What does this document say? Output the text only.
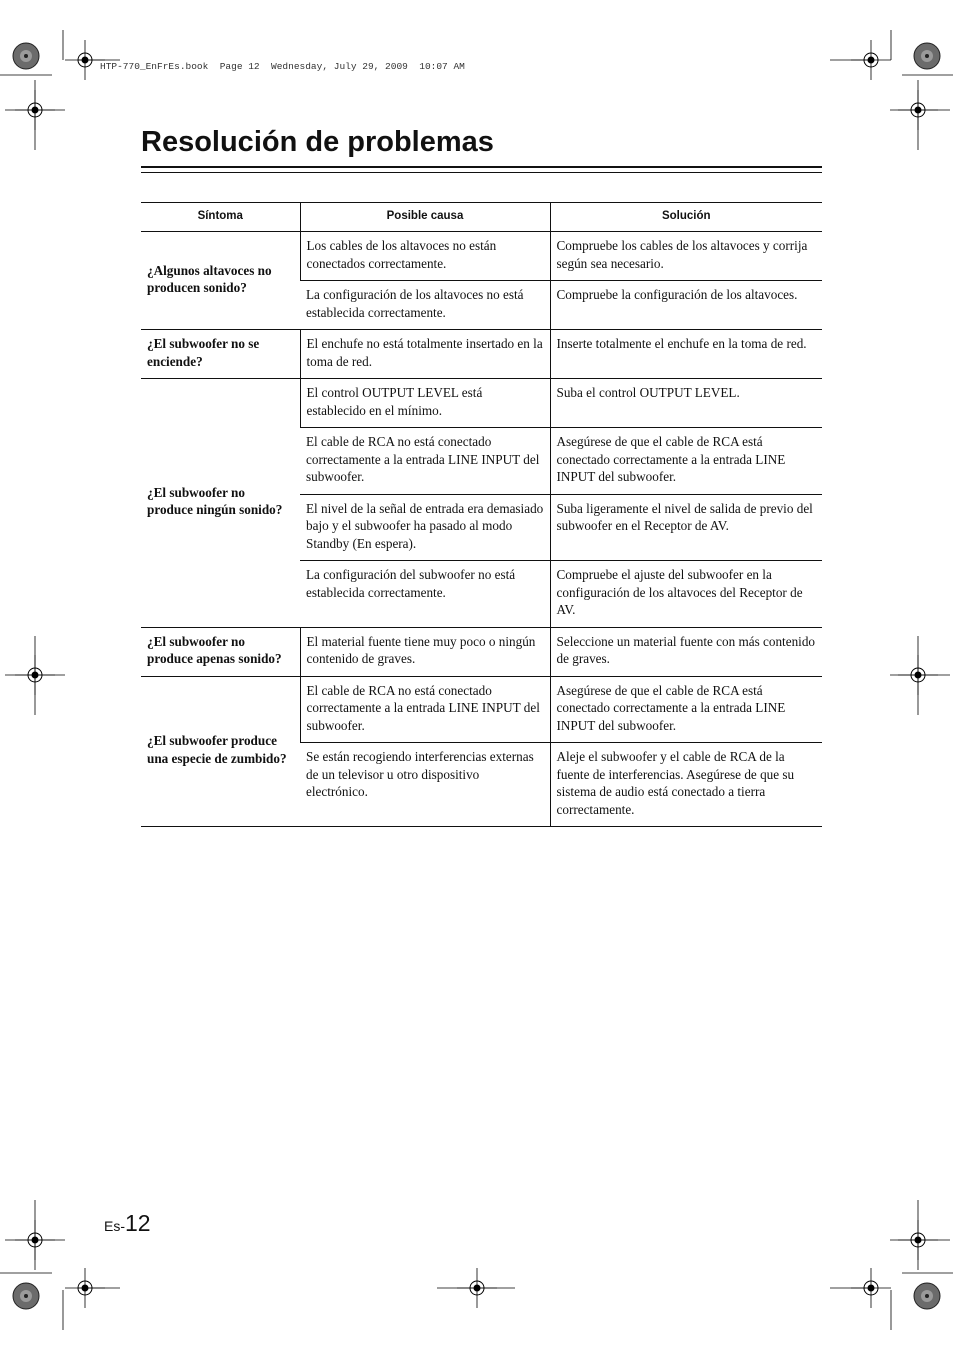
HTP-770_EnFrEs.book  Page 12  Wednesday, July 29, 2009  10:07 AM
Resolución de problemas
Síntoma	Posible causa	Solución
¿Algunos altavoces no producen sonido?	Los cables de los altavoces no están conectados correctamente.	Compruebe los cables de los altavoces y corrija según sea necesario.
	La configuración de los altavoces no está establecida correctamente.	Compruebe la configuración de los altavoces.
¿El subwoofer no se enciende?	El enchufe no está totalmente insertado en la toma de red.	Inserte totalmente el enchufe en la toma de red.
¿El subwoofer no produce ningún sonido?	El control OUTPUT LEVEL está establecido en el mínimo.	Suba el control OUTPUT LEVEL.
	El cable de RCA no está conectado correctamente a la entrada LINE INPUT del subwoofer.	Asegúrese de que el cable de RCA está conectado correctamente a la entrada LINE INPUT del subwoofer.
	El nivel de la señal de entrada era demasiado bajo y el subwoofer ha pasado al modo Standby (En espera).	Suba ligeramente el nivel de salida de previo del subwoofer en el Receptor de AV.
	La configuración del subwoofer no está establecida correctamente.	Compruebe el ajuste del subwoofer en la configuración de los altavoces del Receptor de AV.
¿El subwoofer no produce apenas sonido?	El material fuente tiene muy poco o ningún contenido de graves.	Seleccione un material fuente con más contenido de graves.
¿El subwoofer produce una especie de zumbido?	El cable de RCA no está conectado correctamente a la entrada LINE INPUT del subwoofer.	Asegúrese de que el cable de RCA está conectado correctamente a la entrada LINE INPUT del subwoofer.
	Se están recogiendo interferencias externas de un televisor u otro dispositivo electrónico.	Aleje el subwoofer y el cable de RCA de la fuente de interferencias. Asegúrese de que su sistema de audio está conectado a tierra correctamente.
Es-12
